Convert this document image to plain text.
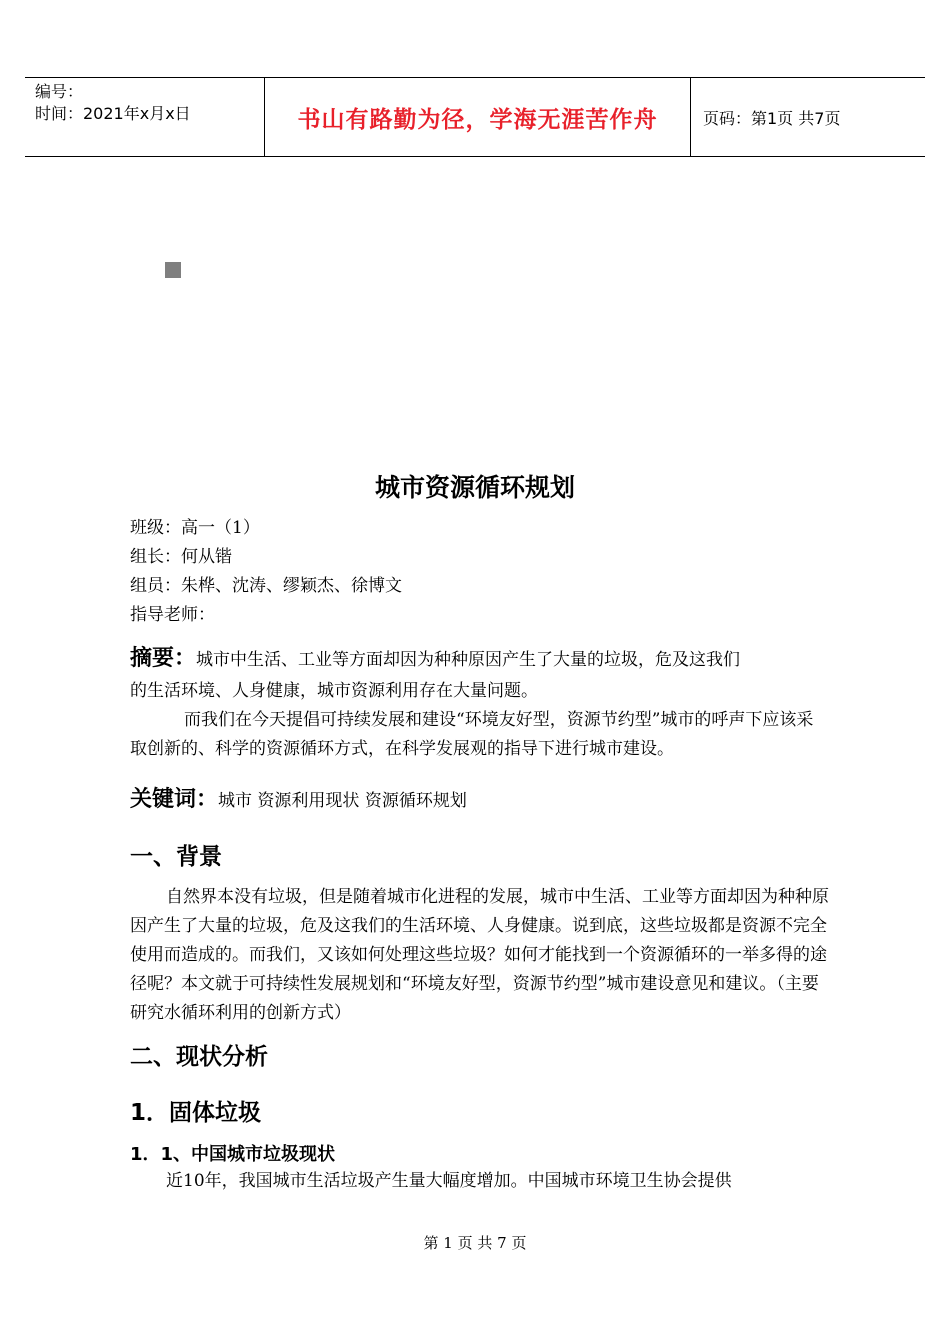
编号：
时间：2021年x月x日	书山有路勤为径，学海无涯苦作舟	页码：第1页 共7页
城市资源循环规划
班级：高一（1）
组长：何从锴
组员：朱桦、沈涛、缪颖杰、徐博文
指导老师：
摘要：城市中生活、工业等方面却因为种种原因产生了大量的垃圾，危及这我们
的生活环境、人身健康，城市资源利用存在大量问题。
而我们在今天提倡可持续发展和建设“环境友好型，资源节约型”城市的呼声下应该采取创新的、科学的资源循环方式，在科学发展观的指导下进行城市建设。
关键词：城市 资源利用现状 资源循环规划
一、背景
自然界本没有垃圾，但是随着城市化进程的发展，城市中生活、工业等方面却因为种种原因产生了大量的垃圾，危及这我们的生活环境、人身健康。说到底，这些垃圾都是资源不完全使用而造成的。而我们，又该如何处理这些垃圾？如何才能找到一个资源循环的一举多得的途径呢？本文就于可持续性发展规划和“环境友好型，资源节约型”城市建设意见和建议。（主要研究水循环利用的创新方式）
二、现状分析
1．固体垃圾
1．1、中国城市垃圾现状
近10年，我国城市生活垃圾产生量大幅度增加。中国城市环境卫生协会提供
第 1 页 共 7 页
